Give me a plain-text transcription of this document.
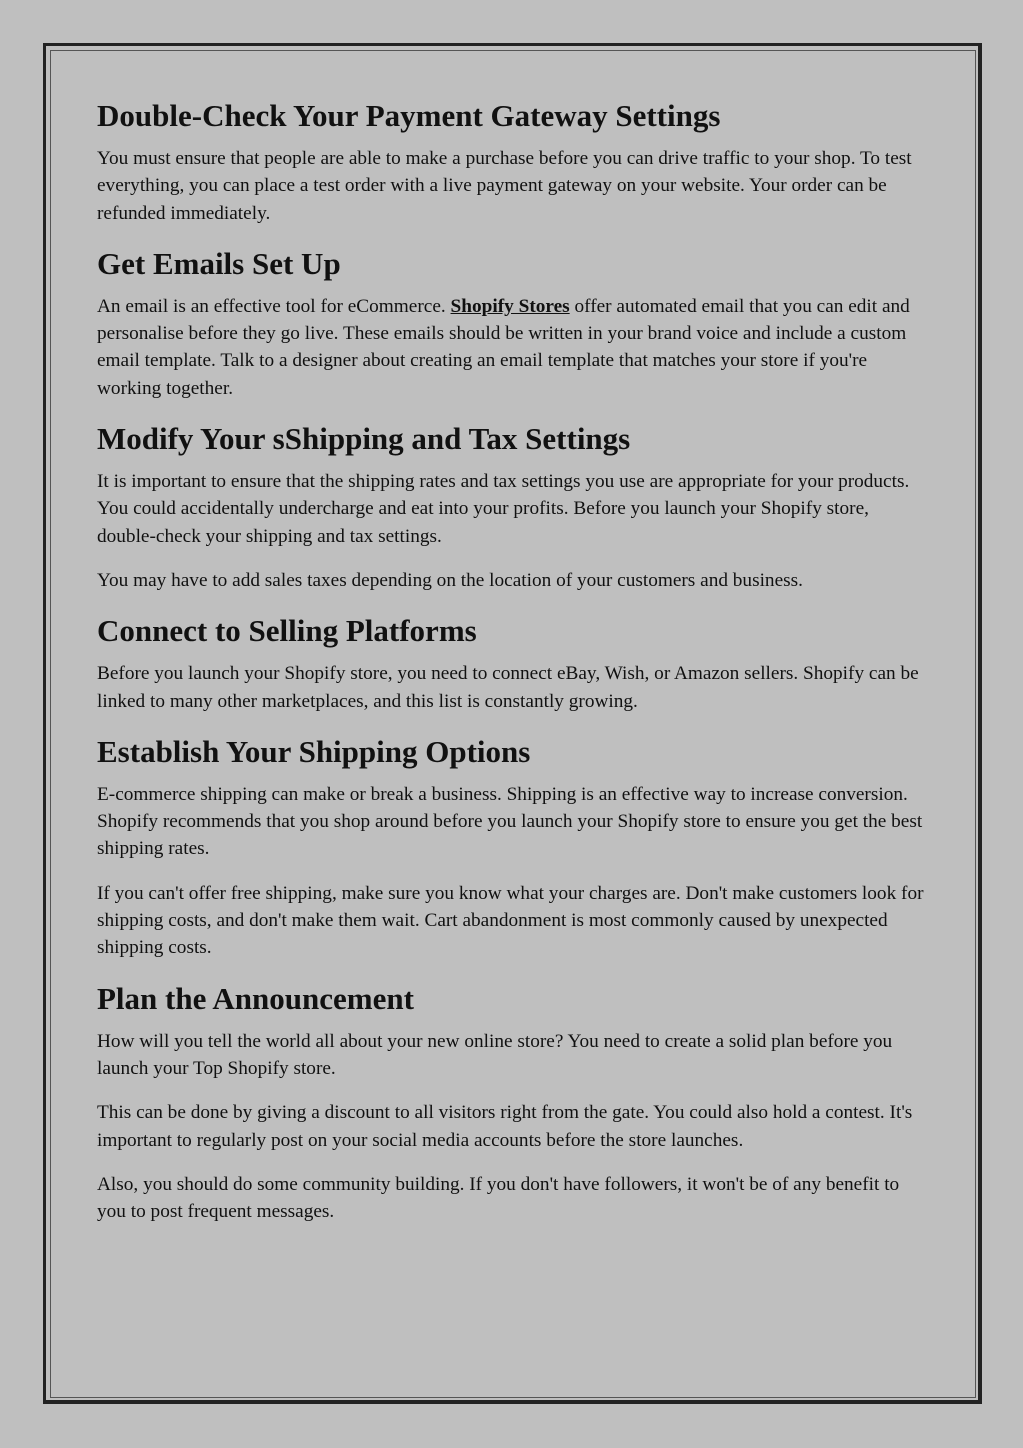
Double-Check Your Payment Gateway Settings

You must ensure that people are able to make a purchase before you can drive traffic to your shop. To test everything, you can place a test order with a live payment gateway on your website. Your order can be refunded immediately.

Get Emails Set Up

An email is an effective tool for eCommerce. Shopify Stores offer automated email that you can edit and personalise before they go live. These emails should be written in your brand voice and include a custom email template. Talk to a designer about creating an email template that matches your store if you're working together.

Modify Your sShipping and Tax Settings

It is important to ensure that the shipping rates and tax settings you use are appropriate for your products. You could accidentally undercharge and eat into your profits. Before you launch your Shopify store, double-check your shipping and tax settings.

You may have to add sales taxes depending on the location of your customers and business.

Connect to Selling Platforms

Before you launch your Shopify store, you need to connect eBay, Wish, or Amazon sellers. Shopify can be linked to many other marketplaces, and this list is constantly growing.

Establish Your Shipping Options

E-commerce shipping can make or break a business. Shipping is an effective way to increase conversion. Shopify recommends that you shop around before you launch your Shopify store to ensure you get the best shipping rates.

If you can't offer free shipping, make sure you know what your charges are. Don't make customers look for shipping costs, and don't make them wait. Cart abandonment is most commonly caused by unexpected shipping costs.

Plan the Announcement

How will you tell the world all about your new online store? You need to create a solid plan before you launch your Top Shopify store.

This can be done by giving a discount to all visitors right from the gate. You could also hold a contest. It's important to regularly post on your social media accounts before the store launches.

Also, you should do some community building. If you don't have followers, it won't be of any benefit to you to post frequent messages.
